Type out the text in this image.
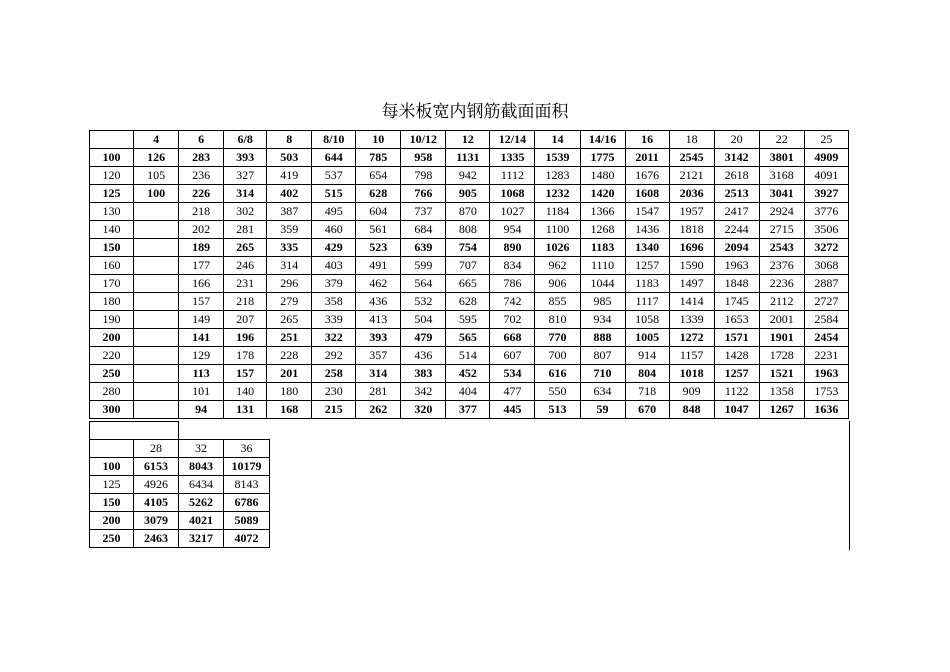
每米板宽内钢筋截面面积
	4	6	6/8	8	8/10	10	10/12	12	12/14	14	14/16	16	18	20	22	25
100	126	283	393	503	644	785	958	1131	1335	1539	1775	2011	2545	3142	3801	4909
120	105	236	327	419	537	654	798	942	1112	1283	1480	1676	2121	2618	3168	4091
125	100	226	314	402	515	628	766	905	1068	1232	1420	1608	2036	2513	3041	3927
130		218	302	387	495	604	737	870	1027	1184	1366	1547	1957	2417	2924	3776
140		202	281	359	460	561	684	808	954	1100	1268	1436	1818	2244	2715	3506
150		189	265	335	429	523	639	754	890	1026	1183	1340	1696	2094	2543	3272
160		177	246	314	403	491	599	707	834	962	1110	1257	1590	1963	2376	3068
170		166	231	296	379	462	564	665	786	906	1044	1183	1497	1848	2236	2887
180		157	218	279	358	436	532	628	742	855	985	1117	1414	1745	2112	2727
190		149	207	265	339	413	504	595	702	810	934	1058	1339	1653	2001	2584
200		141	196	251	322	393	479	565	668	770	888	1005	1272	1571	1901	2454
220		129	178	228	292	357	436	514	607	700	807	914	1157	1428	1728	2231
250		113	157	201	258	314	383	452	534	616	710	804	1018	1257	1521	1963
280		101	140	180	230	281	342	404	477	550	634	718	909	1122	1358	1753
300		94	131	168	215	262	320	377	445	513	59	670	848	1047	1267	1636

	28	32	36
100	6153	8043	10179
125	4926	6434	8143
150	4105	5262	6786
200	3079	4021	5089
250	2463	3217	4072
